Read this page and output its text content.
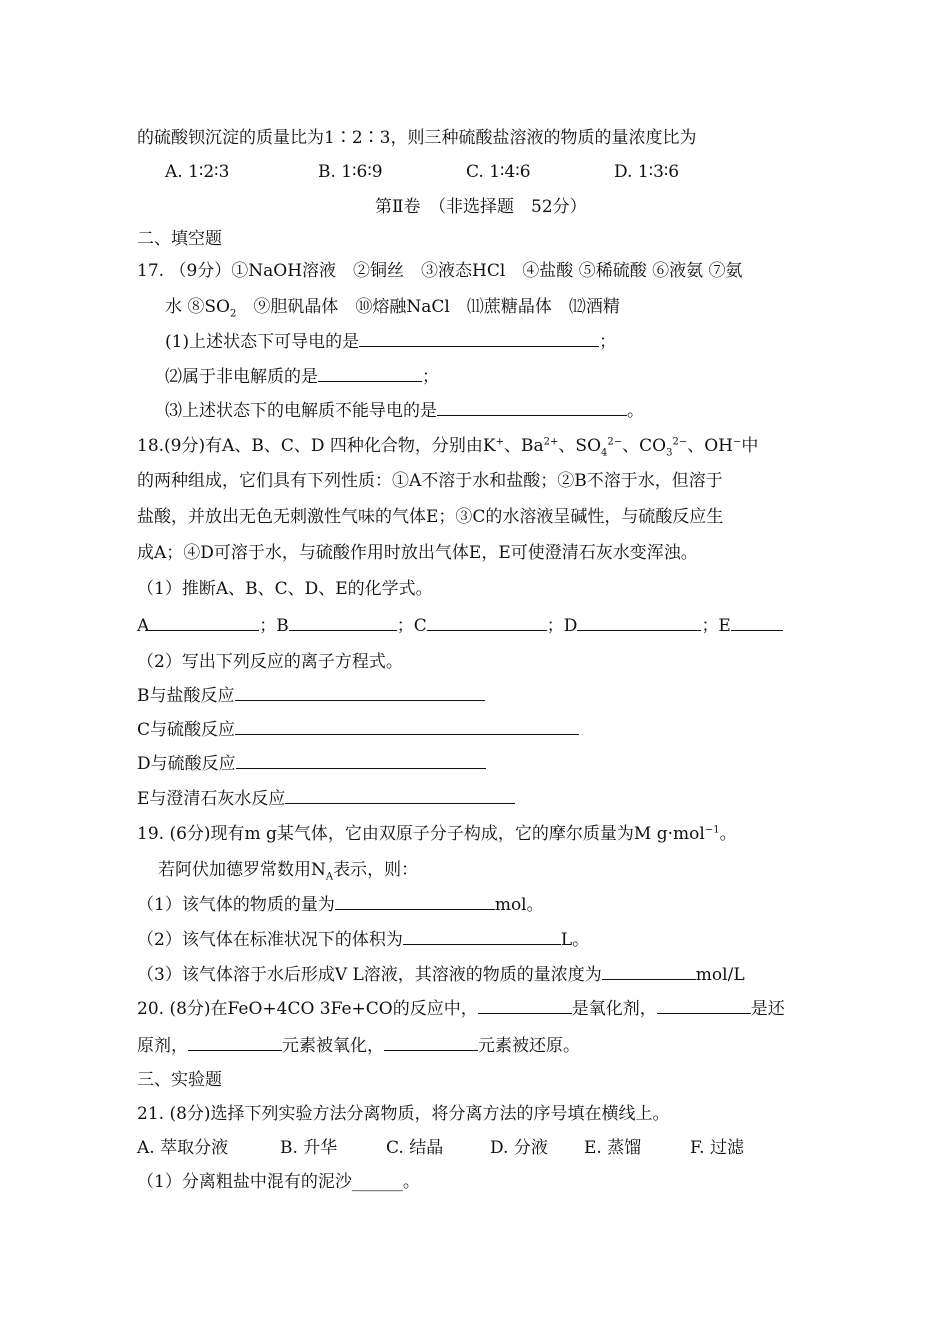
的硫酸钡沉淀的质量比为1∶2∶3，则三种硫酸盐溶液的物质的量浓度比为
A. 1∶2∶3	B. 1∶6∶9	C. 1∶4∶6	D. 1∶3∶6
第Ⅱ卷　（非选择题　52分）
二、填空题
17. （9分）①NaOH溶液　②铜丝　③液态HCl　④盐酸 ⑤稀硫酸 ⑥液氨 ⑦氨
水 $⑧SO_2$　⑨胆矾晶体　⑩熔融NaCl　⑾蔗糖晶体　⑿酒精
(1)上述状态下可导电的是	；
⑵属于非电解质的是	；
⑶上述状态下的电解质不能导电的是	。
18.(9分)有A、B、C、D 四种化合物，分别由K+、$Ba^{2+}$、$SO_4^{2-}$、$CO_3^{2-}$、OH−中
的两种组成，它们具有下列性质：①A不溶于水和盐酸；②B不溶于水，但溶于
盐酸，并放出无色无刺激性气味的气体E；③C的水溶液呈碱性，与硫酸反应生
成A；④D可溶于水，与硫酸作用时放出气体E，E可使澄清石灰水变浑浊。
（1）推断A、B、C、D、E的化学式。
A	；B	；C	；D	；E
（2）写出下列反应的离子方程式。
B与盐酸反应
C与硫酸反应
D与硫酸反应
E与澄清石灰水反应
19. (6分)现有m g某气体，它由双原子分子构成，它的摩尔质量为M g·mol$^{-1}$。
若阿伏加德罗常数用$N_A$表示，则：
（1）该气体的物质的量为	mol。
（2）该气体在标准状况下的体积为	L。
（3）该气体溶于水后形成V L溶液，其溶液的物质的量浓度为	mol/L
20. (8分)在FeO+4CO 3Fe+CO的反应中，	是氧化剂，	是还
原剂，	元素被氧化，	元素被还原。
三、实验题
21. (8分)选择下列实验方法分离物质，将分离方法的序号填在横线上。
A. 萃取分液	B. 升华	C. 结晶	D. 分液 E. 蒸馏	F. 过滤
（1）分离粗盐中混有的泥沙______。
